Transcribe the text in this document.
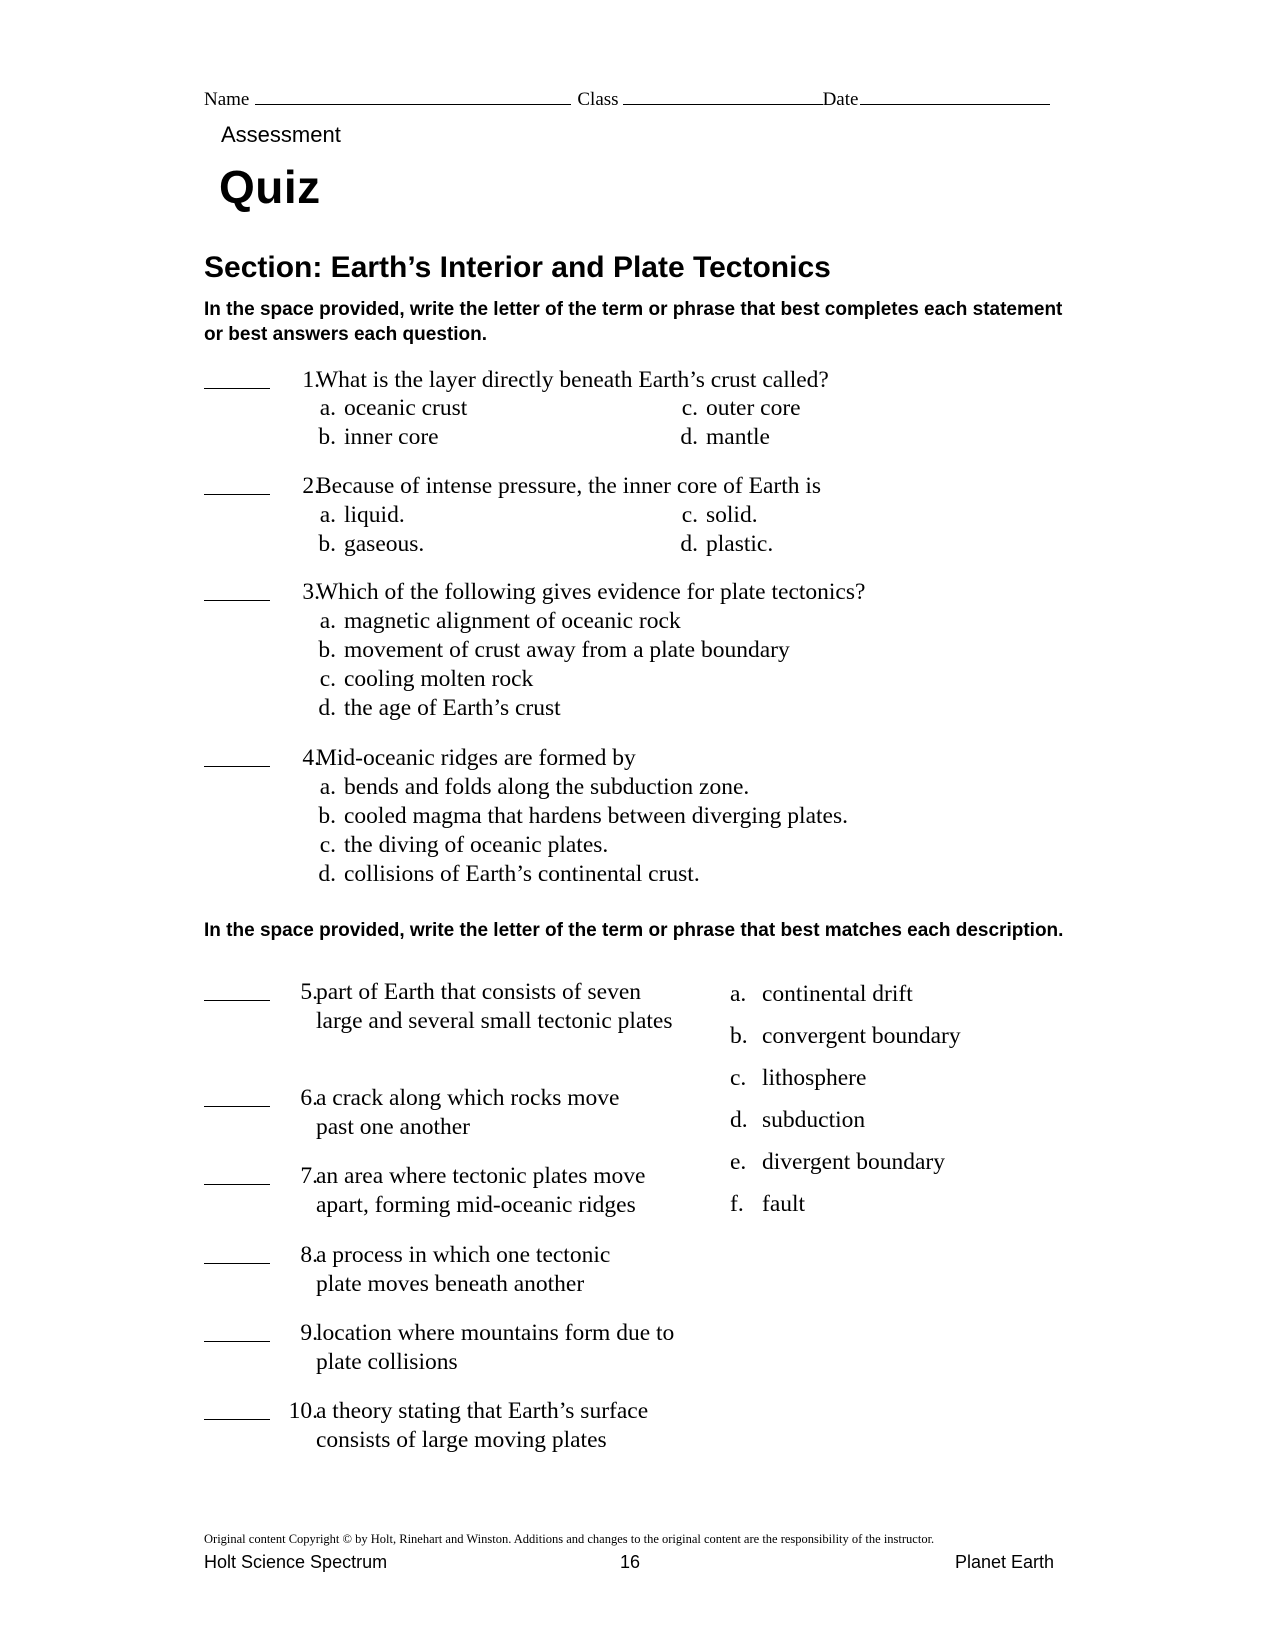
Name	Class	Date
Assessment
Quiz
Section: Earth’s Interior and Plate Tectonics
In the space provided, write the letter of the term or phrase that best completes each statement or best answers each question.
1.
What is the layer directly beneath Earth’s crust called?
a. oceanic crust
b. inner core
c. outer core
d. mantle
2.
Because of intense pressure, the inner core of Earth is
a. liquid.
b. gaseous.
c. solid.
d. plastic.
3.
Which of the following gives evidence for plate tectonics?
a. magnetic alignment of oceanic rock
b. movement of crust away from a plate boundary
c. cooling molten rock
d. the age of Earth’s crust
4.
Mid-oceanic ridges are formed by
a. bends and folds along the subduction zone.
b. cooled magma that hardens between diverging plates.
c. the diving of oceanic plates.
d. collisions of Earth’s continental crust.
In the space provided, write the letter of the term or phrase that best matches each description.
5.
part of Earth that consists of seven large and several small tectonic plates
6.
a crack along which rocks move past one another
7.
an area where tectonic plates move apart, forming mid-oceanic ridges
8.
a process in which one tectonic plate moves beneath another
9.
location where mountains form due to plate collisions
10.
a theory stating that Earth’s surface consists of large moving plates
a. continental drift
b. convergent boundary
c. lithosphere
d. subduction
e. divergent boundary
f. fault
Original content Copyright © by Holt, Rinehart and Winston. Additions and changes to the original content are the responsibility of the instructor.
Holt Science Spectrum	16	Planet Earth
